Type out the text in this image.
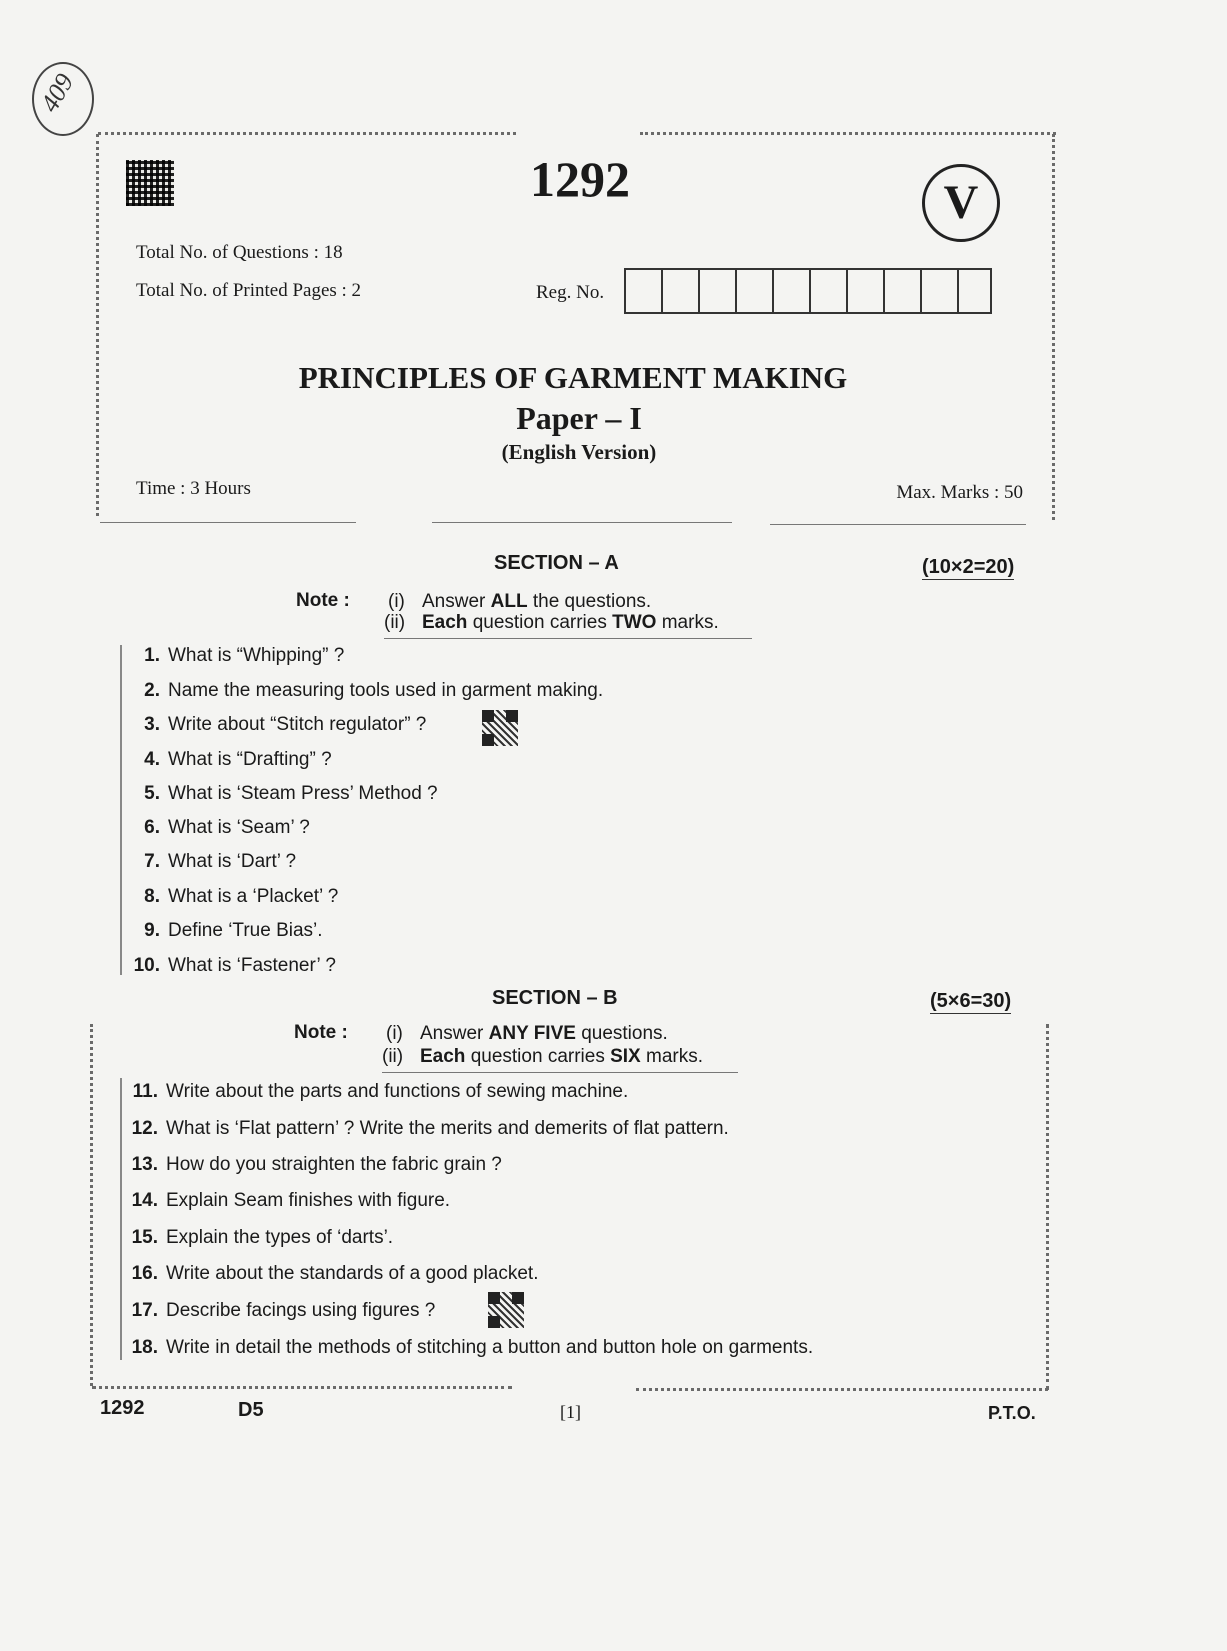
409
1292	V
Total No. of Questions : 18
Total No. of Printed Pages : 2	Reg. No.
PRINCIPLES OF GARMENT MAKING
Paper – I
(English Version)
Time : 3 Hours	Max. Marks : 50
SECTION – A	(10×2=20)
Note : (i) Answer ALL the questions.
(ii) Each question carries TWO marks.
1. What is “Whipping” ?
2. Name the measuring tools used in garment making.
3. Write about “Stitch regulator” ?
4. What is “Drafting” ?
5. What is ‘Steam Press’ Method ?
6. What is ‘Seam’ ?
7. What is ‘Dart’ ?
8. What is a ‘Placket’ ?
9. Define ‘True Bias’.
10. What is ‘Fastener’ ?
SECTION – B	(5×6=30)
Note : (i) Answer ANY FIVE questions.
(ii) Each question carries SIX marks.
11. Write about the parts and functions of sewing machine.
12. What is ‘Flat pattern’ ? Write the merits and demerits of flat pattern.
13. How do you straighten the fabric grain ?
14. Explain Seam finishes with figure.
15. Explain the types of ‘darts’.
16. Write about the standards of a good placket.
17. Describe facings using figures ?
18. Write in detail the methods of stitching a button and button hole on garments.
1292	D5	[1]	P.T.O.
